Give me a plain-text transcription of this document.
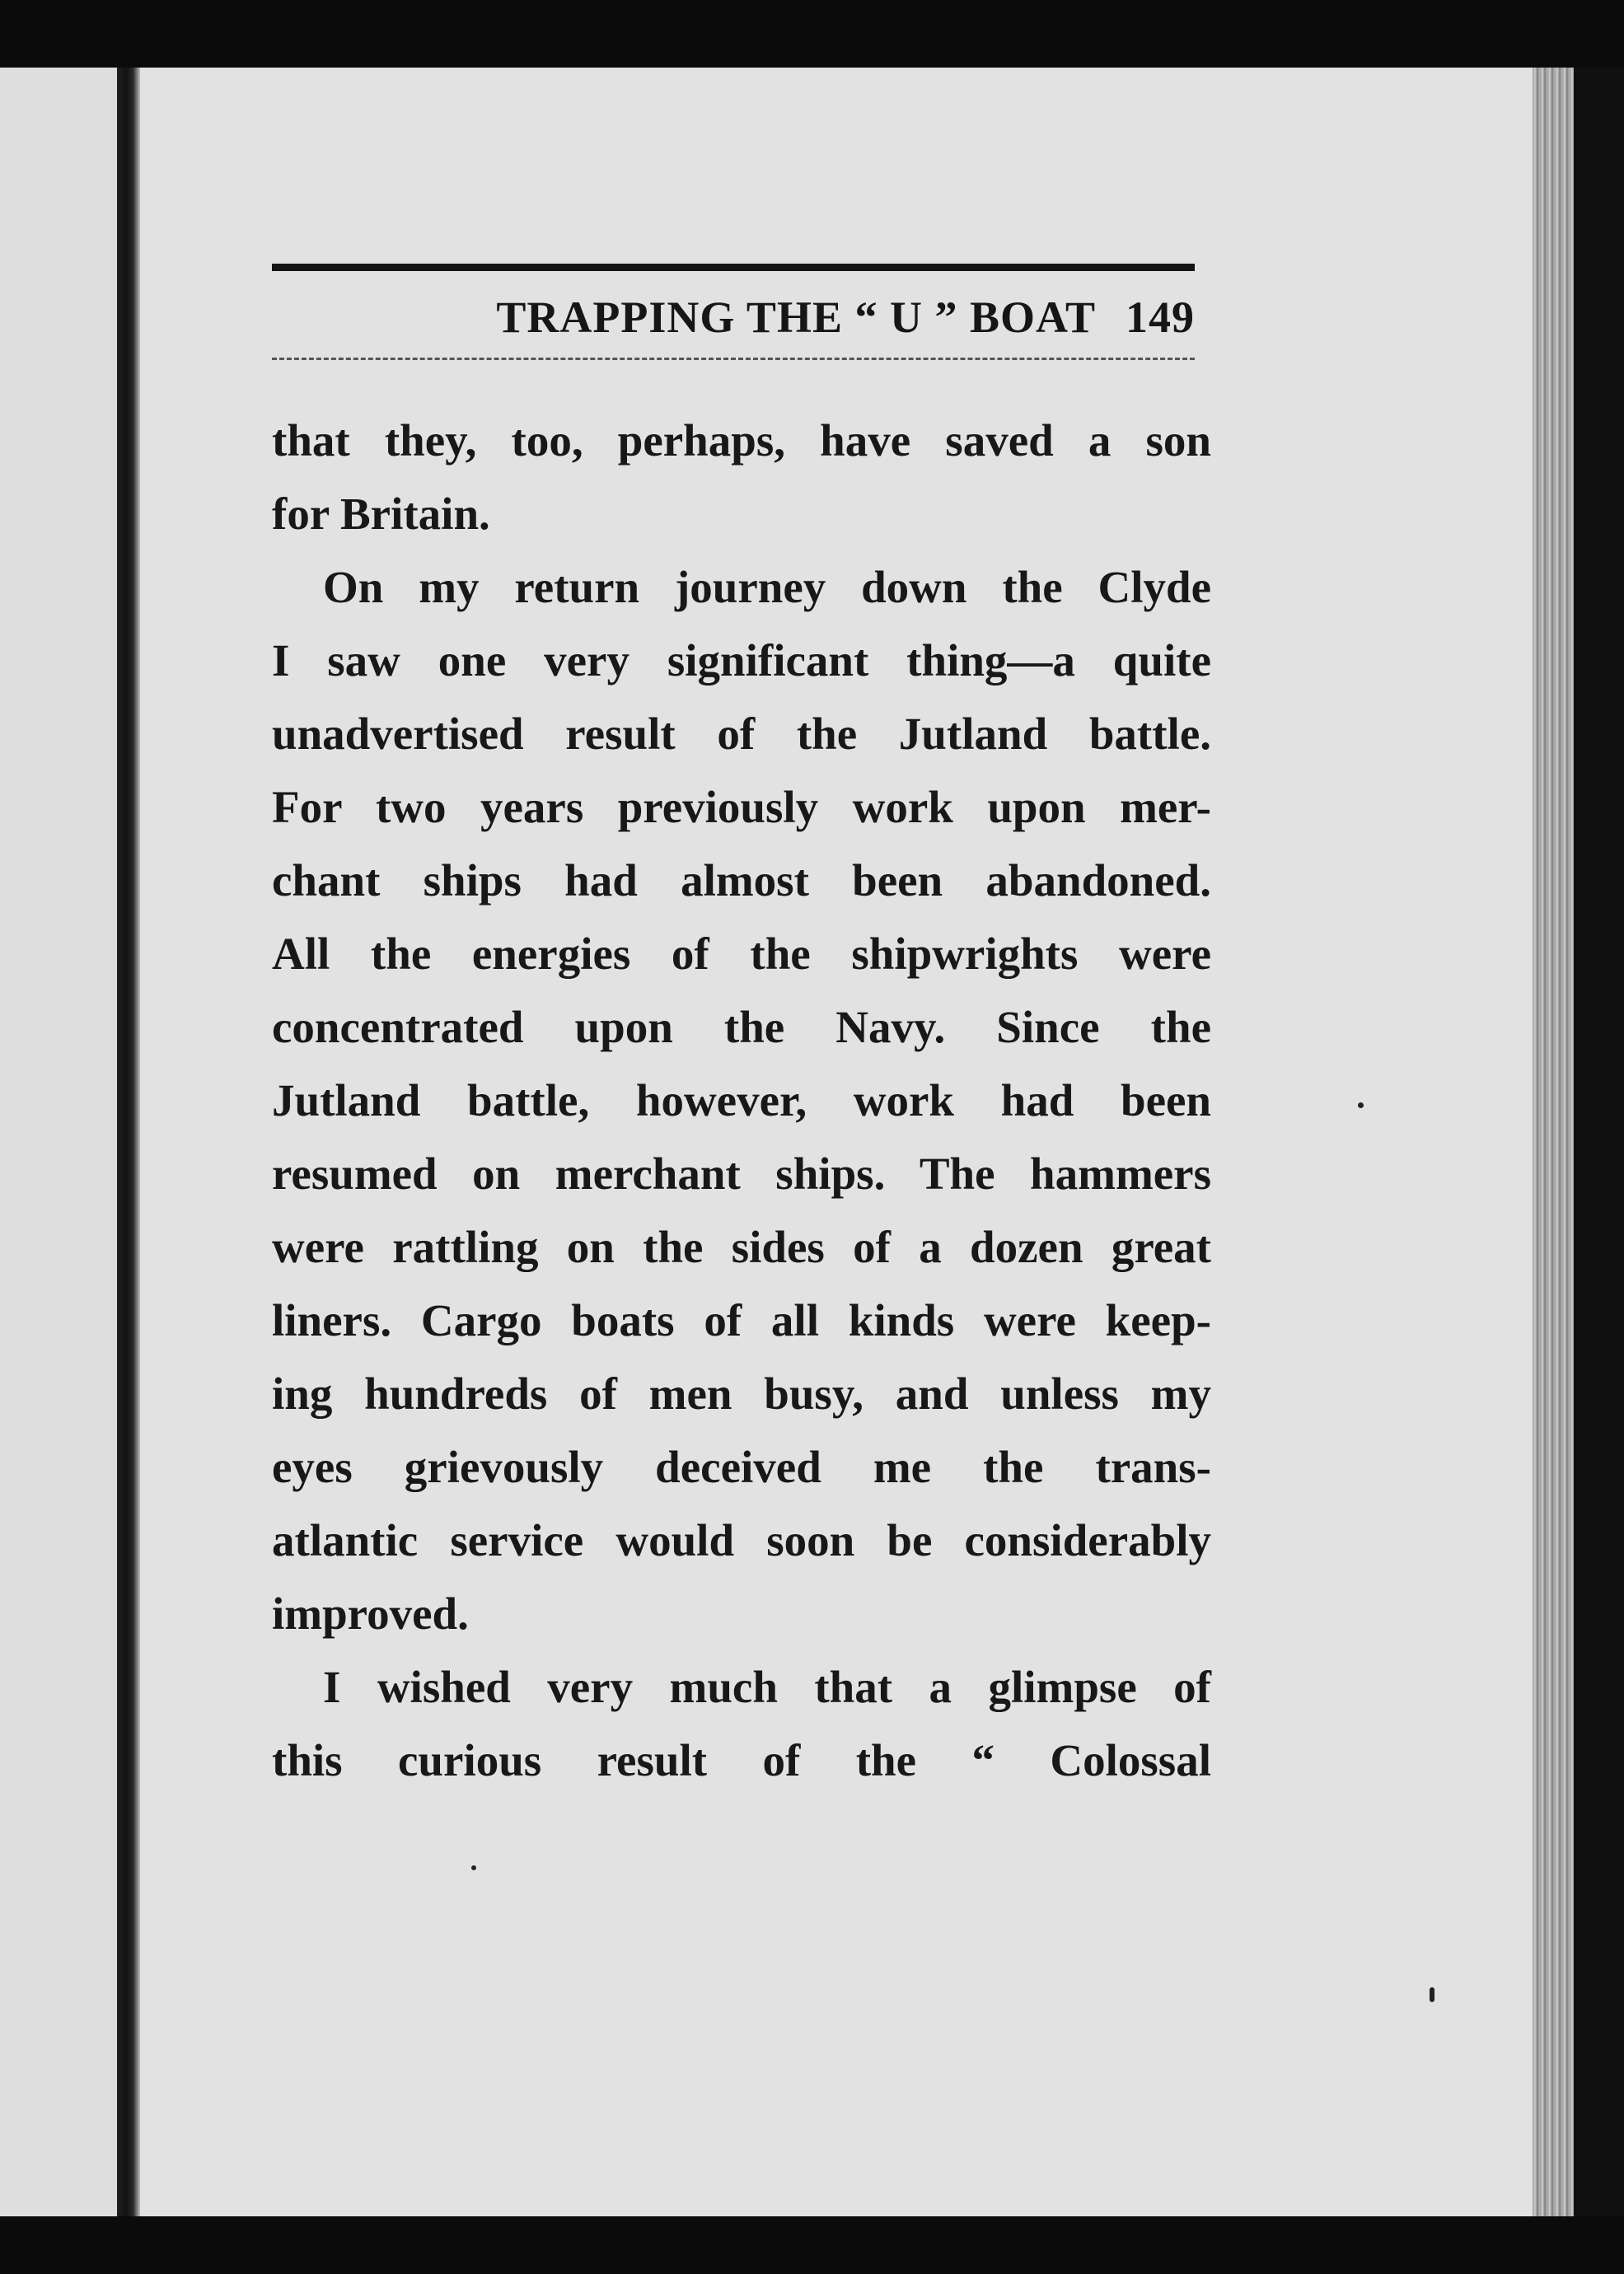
TRAPPING THE “ U ” BOAT 149
that they, too, perhaps, have saved a son
for Britain.
On my return journey down the Clyde
I saw one very significant thing—a quite
unadvertised result of the Jutland battle.
For two years previously work upon mer-
chant ships had almost been abandoned.
All the energies of the shipwrights were
concentrated upon the Navy. Since the
Jutland battle, however, work had been
resumed on merchant ships. The hammers
were rattling on the sides of a dozen great
liners. Cargo boats of all kinds were keep-
ing hundreds of men busy, and unless my
eyes grievously deceived me the trans-
atlantic service would soon be considerably
improved.
I wished very much that a glimpse of
this curious result of the “ Colossal
